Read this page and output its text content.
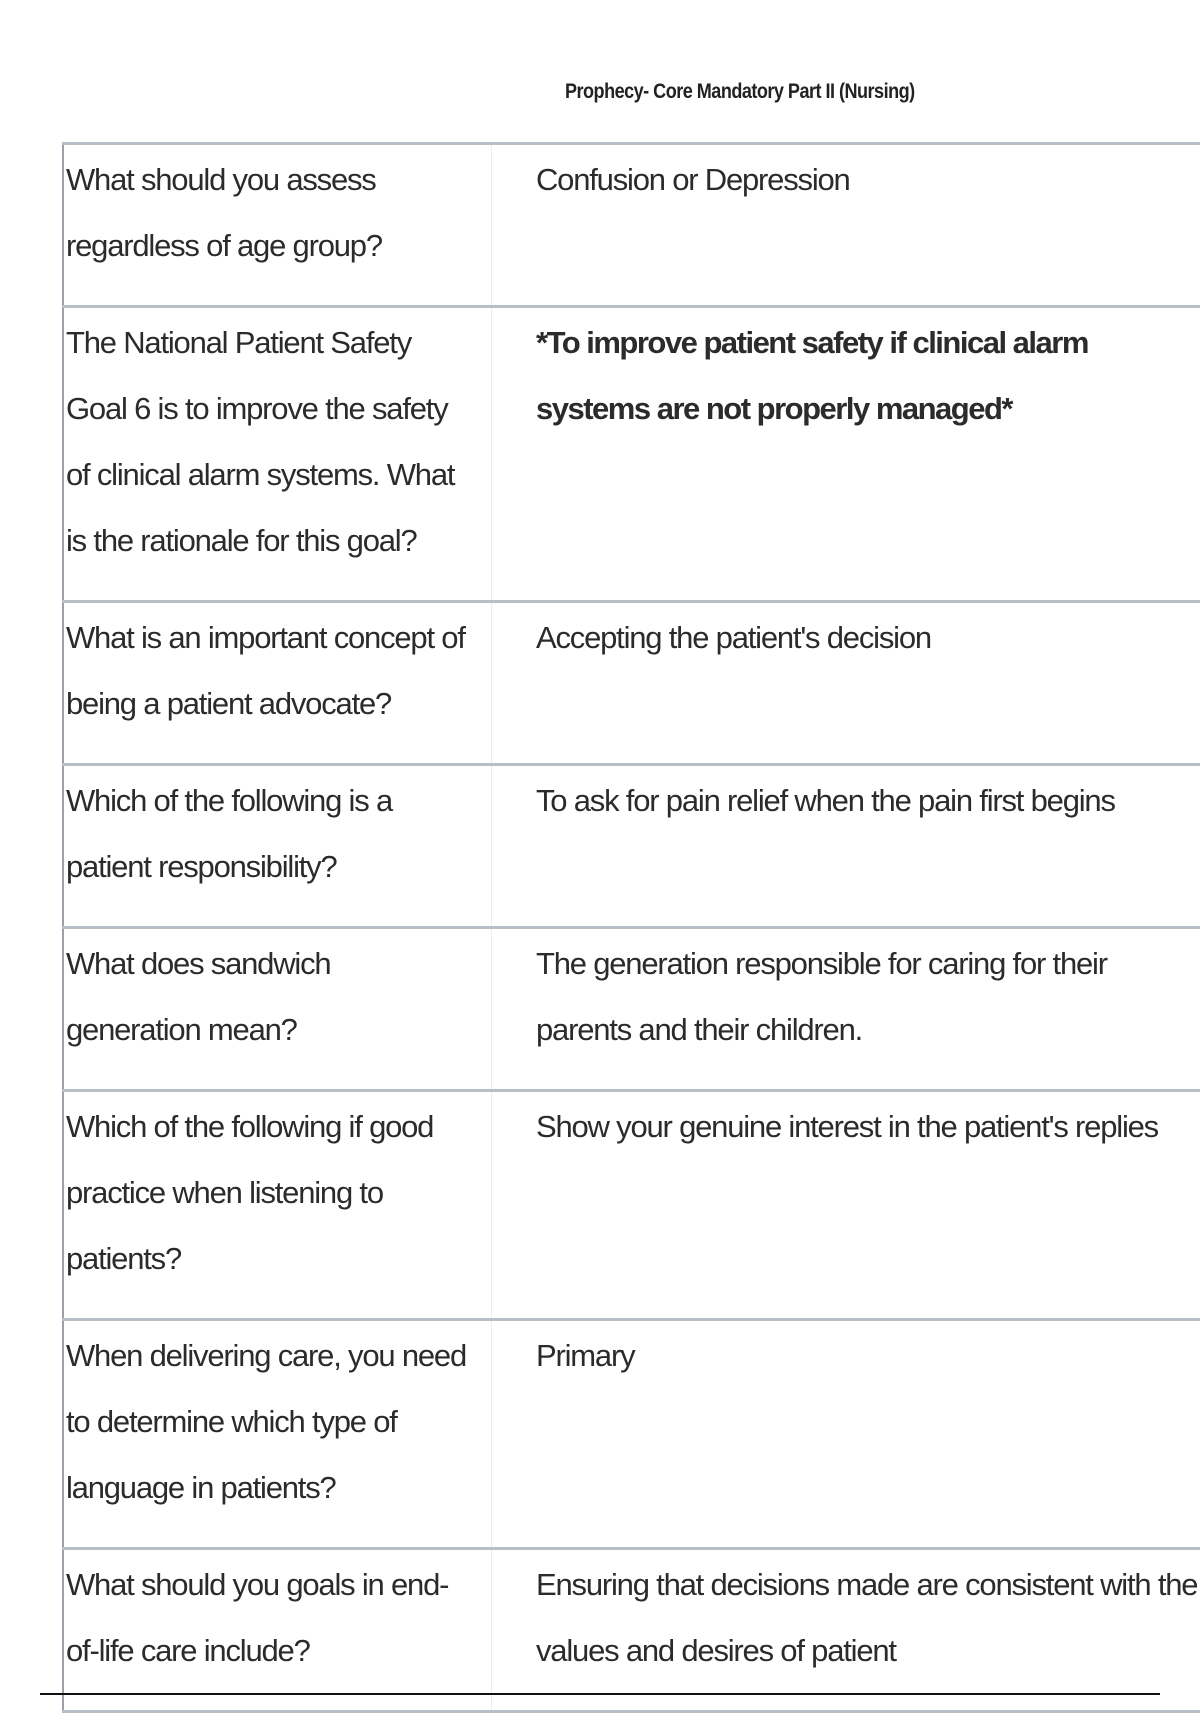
Prophecy- Core Mandatory Part II (Nursing)
What should you assess regardless of age group?	Confusion or Depression

The National Patient Safety Goal 6 is to improve the safety of clinical alarm systems. What is the rationale for this goal?	*To improve patient safety if clinical alarm systems are not properly managed*

What is an important concept of being a patient advocate?	Accepting the patient's decision

Which of the following is a patient responsibility?	To ask for pain relief when the pain first begins

What does sandwich generation mean?	The generation responsible for caring for their parents and their children.

Which of the following if good practice when listening to patients?	Show your genuine interest in the patient's replies

When delivering care, you need to determine which type of language in patients?	Primary

What should you goals in end-of-life care include?	Ensuring that decisions made are consistent with the values and desires of patient
